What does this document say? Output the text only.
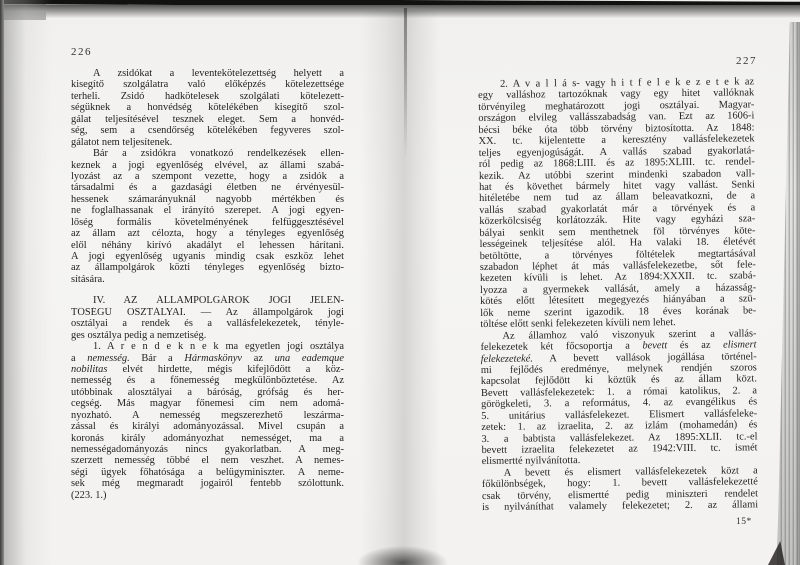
226
227
15*
A zsidókat a leventekötelezettség helyett a
kisegítő szolgálatra való előképzés kötelezettsége
terheli. Zsidó hadkötelesek szolgálati kötelezett-
ségüknek a honvédség kötelékében kisegítő szol-
gálat teljesítésével tesznek eleget. Sem a honvéd-
ség, sem a csendőrség kötelékében fegyveres szol-
gálatot nem teljesítenek.
Bár a zsidókra vonatkozó rendelkezések ellen-
keznek a jogi egyenlőség elvével, az állami szabá-
lyozást az a szempont vezette, hogy a zsidók a
társadalmi és a gazdasági életben ne érvényesül-
hessenek számarányuknál nagyobb mértékben és
ne foglalhassanak el irányító szerepet. A jogi egyen-
lőség formális követelményének felfüggesztésével
az állam azt célozta, hogy a tényleges egyenlőség
elől néhány kirívó akadályt el lehessen hárítani.
A jogi egyenlőség ugyanis mindig csak eszköz lehet
az állampolgárok közti tényleges egyenlőség bizto-
sítására.
IV. AZ ÁLLAMPOLGÁROK JOGI JELEN-
TŐSÉGŰ OSZTÁLYAI. — Az állampolgárok jogi
osztályai a rendek és a vallásfelekezetek, tényle-
ges osztálya pedig a nemzetiség.
1. A r e n d e k n e k ma egyetlen jogi osztálya
a nemesség. Bár a Hármaskönyv az una eademque
nobilitas elvét hirdette, mégis kifejlődött a köz-
nemesség és a főnemesség megkülönböztetése. Az
utóbbinak alosztályai a báróság, grófság és her-
cegség. Más magyar főnemesi cím nem adomá-
nyozható. A nemesség megszerezhető leszárma-
zással és királyi adományozással. Mivel csupán a
koronás király adományozhat nemességet, ma a
nemességadományozás nincs gyakorlatban. A meg-
szerzett nemesség többé el nem veszhet. A nemes-
ségi ügyek főhatósága a belügyminiszter. A neme-
sek még megmaradt jogairól fentebb szólottunk.
(223. 1.)
2. A v a l l á s- vagy h i t f e l e k e z e t e k az
egy valláshoz tartozóknak vagy egy hitet vallóknak
törvényileg meghatározott jogi osztályai. Magyar-
országon elvileg vallásszabadság van. Ezt az 1606-i
bécsi béke óta több törvény biztosította. Az 1848:
XX. tc. kijelentette a keresztény vallásfelekezetek
teljes egyenjogúságát. A vallás szabad gyakorlatá-
ról pedig az 1868:LIII. és az 1895:XLIII. tc. rendel-
kezik. Az utóbbi szerint mindenki szabadon vall-
hat és követhet bármely hitet vagy vallást. Senki
hitéletébe nem tud az állam beleavatkozni, de a
vallás szabad gyakorlatát már a törvények és a
közerkölcsiség korlátozzák. Hite vagy egyházi sza-
bályai senkit sem menthetnek föl törvényes köte-
lességeinek teljesítése alól. Ha valaki 18. életévét
betöltötte, a törvényes föltételek megtartásával
szabadon léphet át más vallásfelekezetbe, sőt fele-
kezeten kívüli is lehet. Az 1894:XXXII. tc. szabá-
lyozza a gyermekek vallását, amely a házasság-
kötés előtt létesített megegyezés hiányában a szü-
lők neme szerint igazodik. 18 éves korának be-
töltése előtt senki felekezeten kívüli nem lehet.
Az államhoz való viszonyuk szerint a vallás-
felekezetek két főcsoportja a bevett és az elismert
felekezeteké. A bevett vallások jogállása történel-
mi fejlődés eredménye, melynek rendjén szoros
kapcsolat fejlődött ki köztük és az állam közt.
Bevett vallásfelekezetek: 1. a római katolikus, 2. a
görögkeleti, 3. a református, 4. az evangélikus és
5. unitárius vallásfelekezet. Elismert vallásfeleke-
zetek: 1. az izraelita, 2. az izlám (mohamedán) és
3. a babtista vallásfelekezet. Az 1895:XLII. tc.-el
bevett izraelita felekezetet az 1942:VIII. tc. ismét
elismertté nyilvánította.
A bevett és elismert vallásfelekezetek közt a
főkülönbségek, hogy: 1. bevett vallásfelekezetté
csak törvény, elismertté pedig miniszteri rendelet
is nyilváníthat valamely felekezetet; 2. az állami
